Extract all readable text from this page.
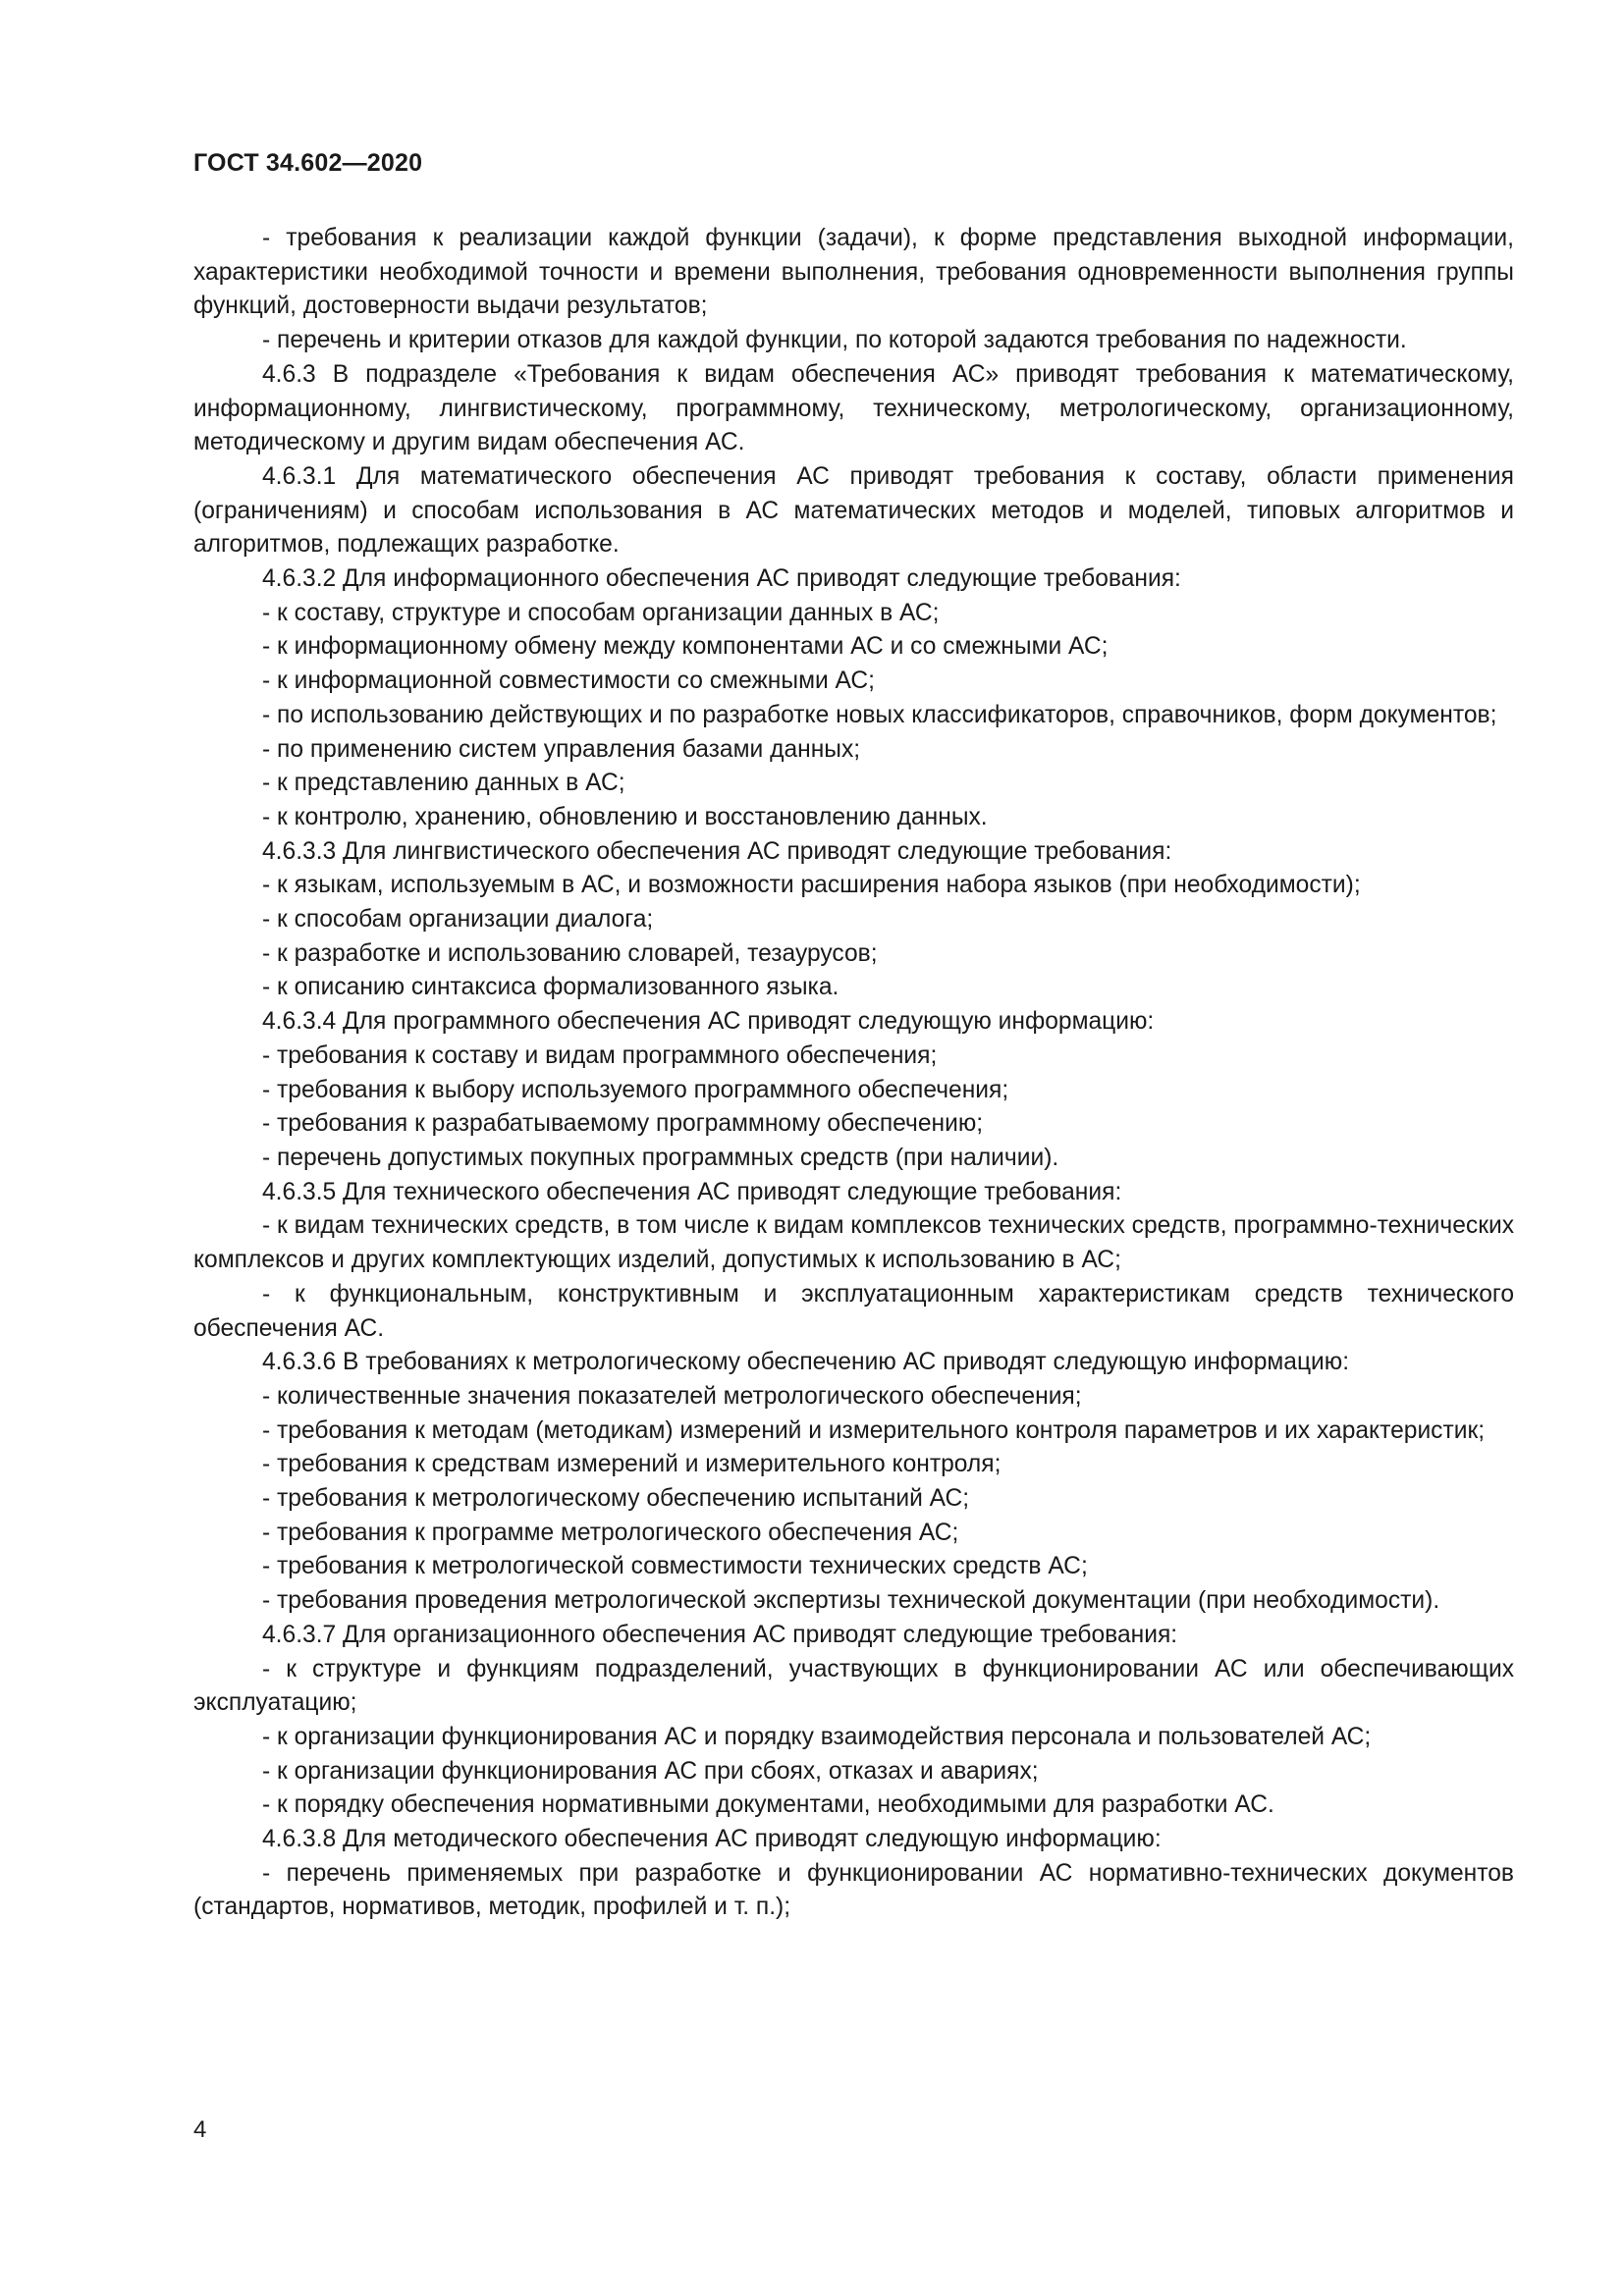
ГОСТ 34.602—2020

- требования к реализации каждой функции (задачи), к форме представления выходной информации, характеристики необходимой точности и времени выполнения, требования одновременности выполнения группы функций, достоверности выдачи результатов;

- перечень и критерии отказов для каждой функции, по которой задаются требования по надежности.

4.6.3 В подразделе «Требования к видам обеспечения АС» приводят требования к математическому, информационному, лингвистическому, программному, техническому, метрологическому, организационному, методическому и другим видам обеспечения АС.

4.6.3.1 Для математического обеспечения АС приводят требования к составу, области применения (ограничениям) и способам использования в АС математических методов и моделей, типовых алгоритмов и алгоритмов, подлежащих разработке.

4.6.3.2 Для информационного обеспечения АС приводят следующие требования:

- к составу, структуре и способам организации данных в АС;

- к информационному обмену между компонентами АС и со смежными АС;

- к информационной совместимости со смежными АС;

- по использованию действующих и по разработке новых классификаторов, справочников, форм документов;

- по применению систем управления базами данных;

- к представлению данных в АС;

- к контролю, хранению, обновлению и восстановлению данных.

4.6.3.3 Для лингвистического обеспечения АС приводят следующие требования:

- к языкам, используемым в АС, и возможности расширения набора языков (при необходимости);

- к способам организации диалога;

- к разработке и использованию словарей, тезаурусов;

- к описанию синтаксиса формализованного языка.

4.6.3.4 Для программного обеспечения АС приводят следующую информацию:

- требования к составу и видам программного обеспечения;

- требования к выбору используемого программного обеспечения;

- требования к разрабатываемому программному обеспечению;

- перечень допустимых покупных программных средств (при наличии).

4.6.3.5 Для технического обеспечения АС приводят следующие требования:

- к видам технических средств, в том числе к видам комплексов технических средств, программно-технических комплексов и других комплектующих изделий, допустимых к использованию в АС;

- к функциональным, конструктивным и эксплуатационным характеристикам средств технического обеспечения АС.

4.6.3.6 В требованиях к метрологическому обеспечению АС приводят следующую информацию:

- количественные значения показателей метрологического обеспечения;

- требования к методам (методикам) измерений и измерительного контроля параметров и их характеристик;

- требования к средствам измерений и измерительного контроля;

- требования к метрологическому обеспечению испытаний АС;

- требования к программе метрологического обеспечения АС;

- требования к метрологической совместимости технических средств АС;

- требования проведения метрологической экспертизы технической документации (при необходимости).

4.6.3.7 Для организационного обеспечения АС приводят следующие требования:

- к структуре и функциям подразделений, участвующих в функционировании АС или обеспечивающих эксплуатацию;

- к организации функционирования АС и порядку взаимодействия персонала и пользователей АС;

- к организации функционирования АС при сбоях, отказах и авариях;

- к порядку обеспечения нормативными документами, необходимыми для разработки АС.

4.6.3.8 Для методического обеспечения АС приводят следующую информацию:

- перечень применяемых при разработке и функционировании АС нормативно-технических документов (стандартов, нормативов, методик, профилей и т. п.);

4
